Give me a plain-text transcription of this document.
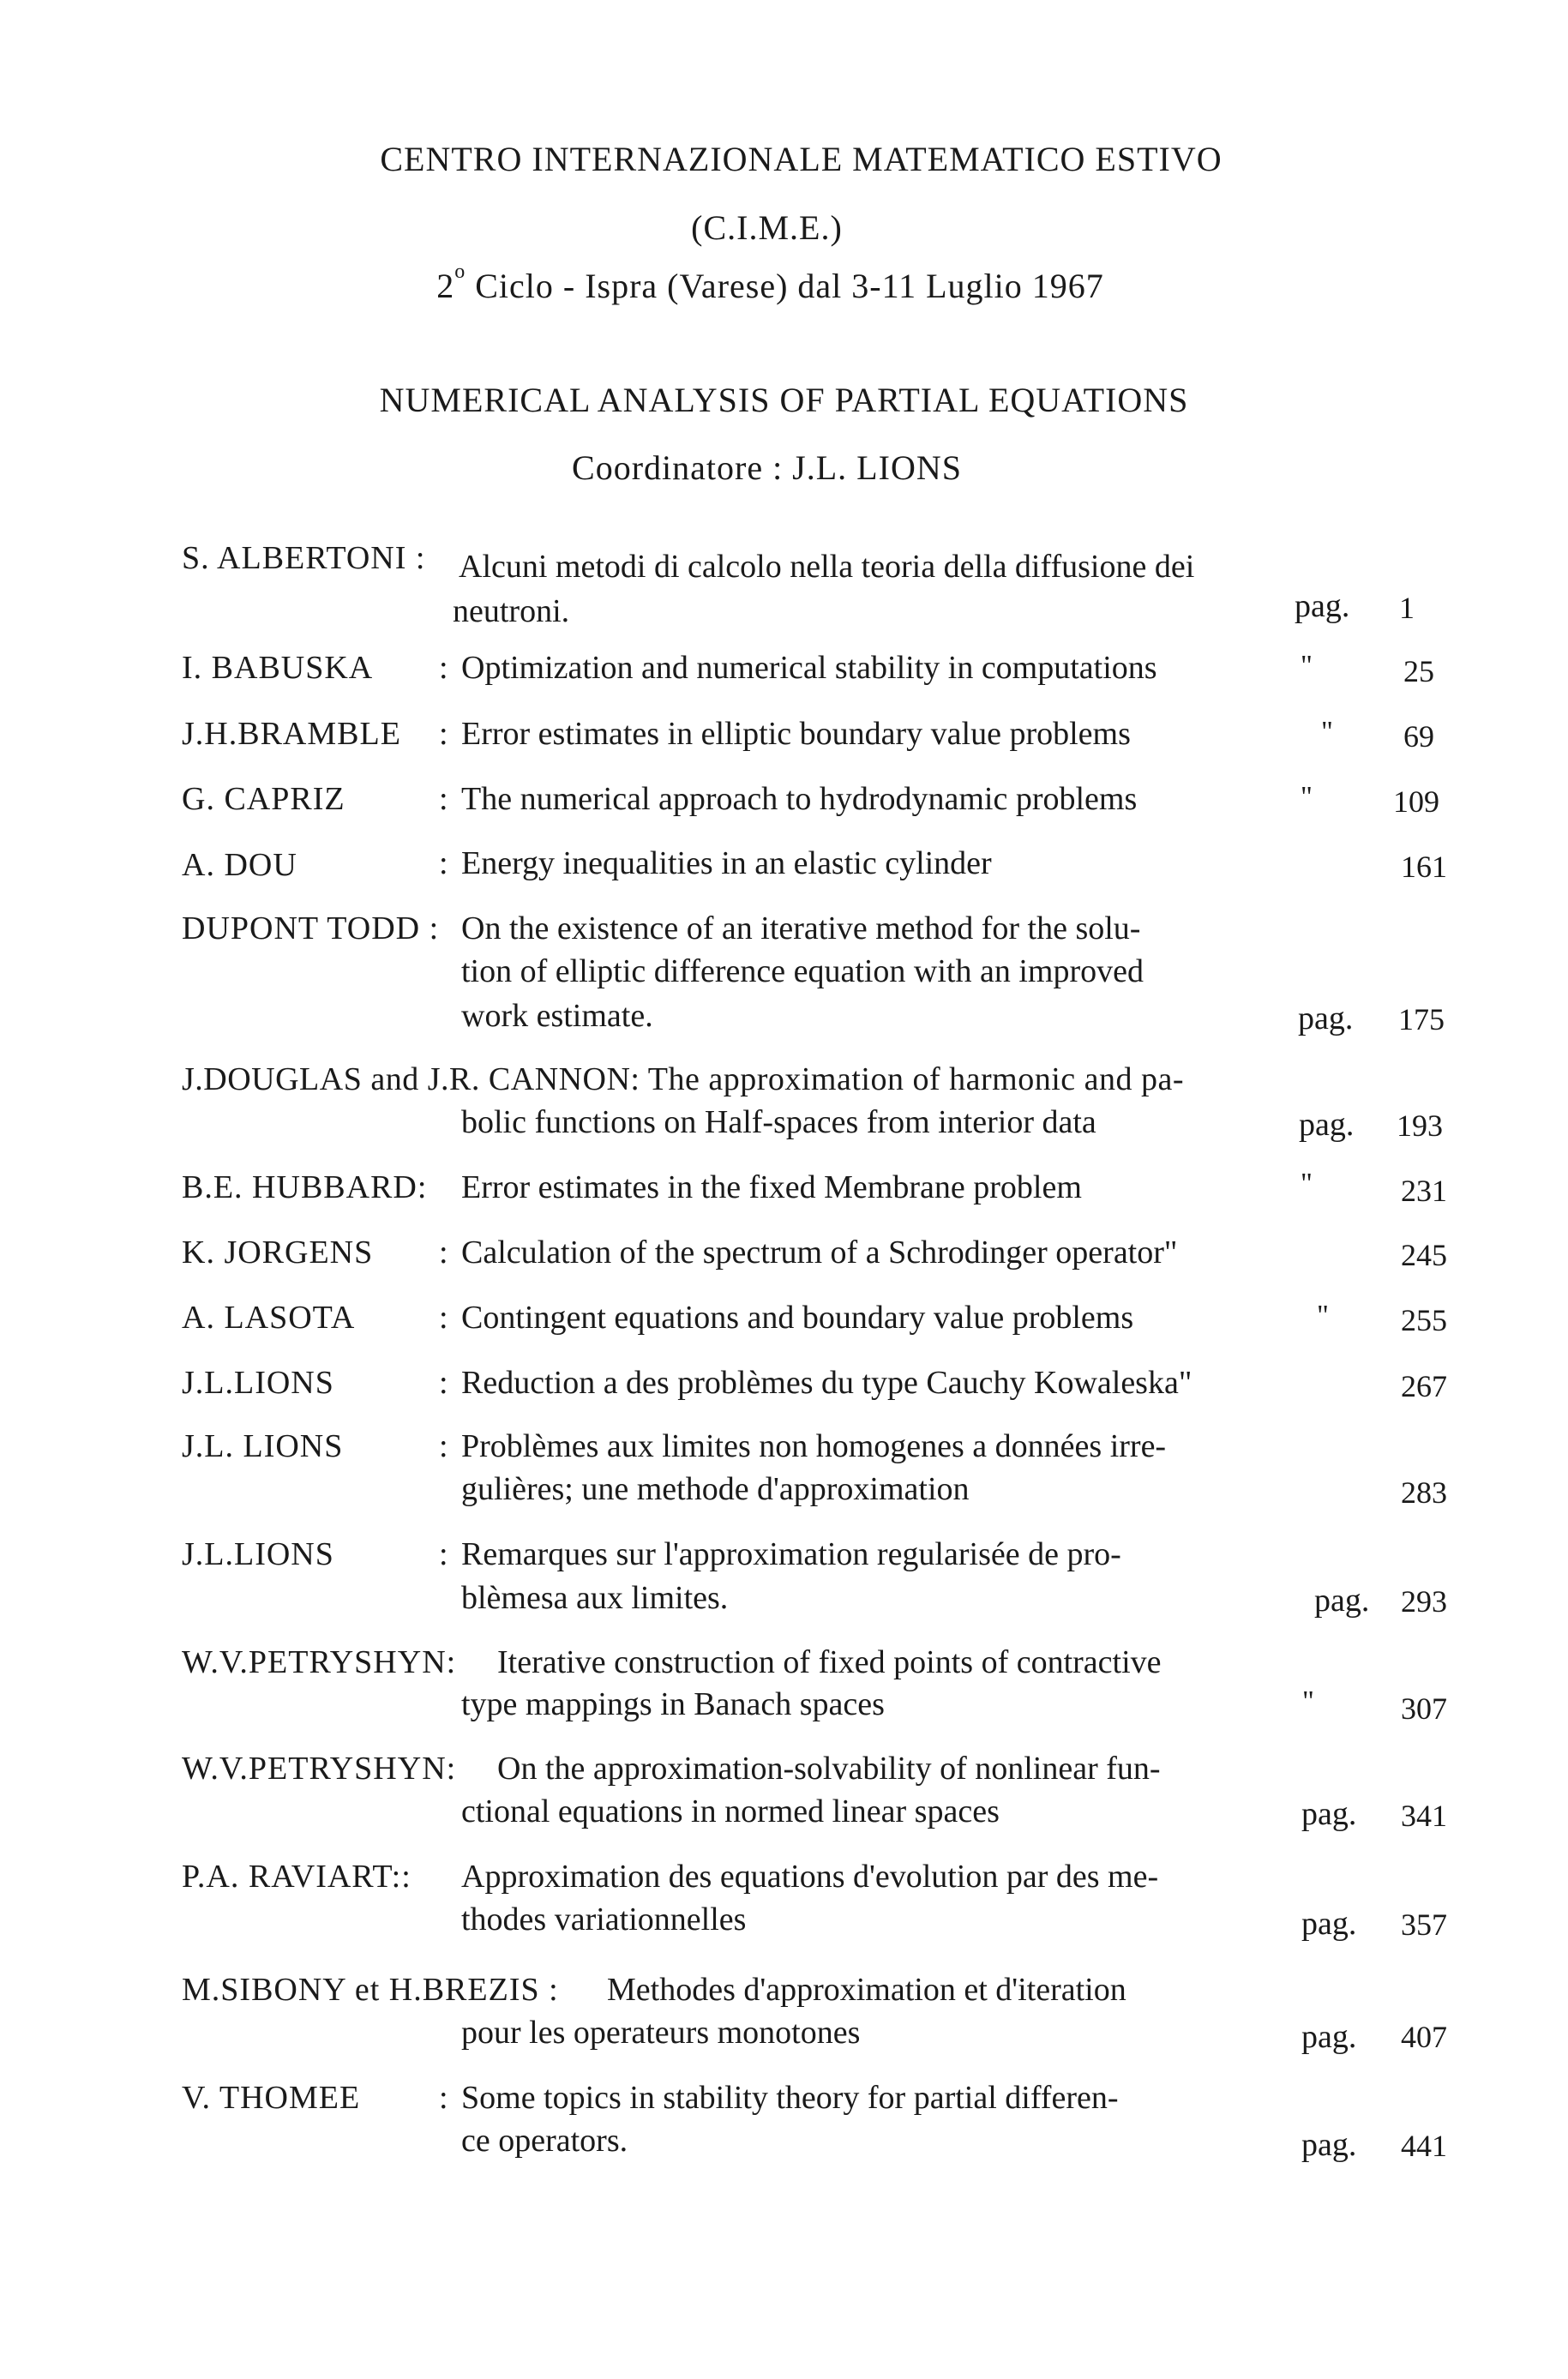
CENTRO INTERNAZIONALE MATEMATICO ESTIVO
(C.I.M.E.)
2$^o$ Ciclo - Ispra (Varese) dal 3-11 Luglio 1967
NUMERICAL ANALYSIS OF PARTIAL EQUATIONS
Coordinatore : J.L. LIONS
S. ALBERTONI : Alcuni metodi di calcolo nella teoria della diffusione dei
neutroni.	pag. 1
I. BABUSKA : Optimization and numerical stability in computations	"	25
J.H.BRAMBLE : Error estimates in elliptic boundary value problems	" 69
G. CAPRIZ	: The numerical approach to hydrodynamic problems	"	109
A. DOU	: Energy inequalities in an elastic cylinder	161
DUPONT TODD : On the existence of an iterative method for the solu-
tion of elliptic difference equation with an improved
work estimate.	pag. 175
J.DOUGLAS and J.R. CANNON: The approximation of harmonic and pa-
bolic functions on Half-spaces from interior data	pag. 193
B.E. HUBBARD: Error estimates in the fixed Membrane problem	"	231
K. JORGENS : Calculation of the spectrum of a Schrodinger operator"	245
A. LASOTA	: Contingent equations and boundary value problems	" 255
J.L.LIONS	: Reduction a des problèmes du type Cauchy Kowaleska"	267
J.L. LIONS	: Problèmes aux limites non homogenes a données irre-
gulières; une methode d'approximation	283
J.L.LIONS	: Remarques sur l'approximation regularisée de pro-
blèmesa aux limites.	pag. 293
W.V.PETRYSHYN: Iterative construction of fixed points of contractive
type mappings in Banach spaces	"	307
W.V.PETRYSHYN: On the approximation-solvability of nonlinear fun-
ctional equations in normed linear spaces	pag. 341
P.A. RAVIART:: Approximation des equations d'evolution par des me-
thodes variationnelles	pag. 357
M.SIBONY et H.BREZIS : Methodes d'approximation et d'iteration
pour les operateurs monotones	pag. 407
V. THOMEE : Some topics in stability theory for partial differen-
ce operators.	pag. 441
